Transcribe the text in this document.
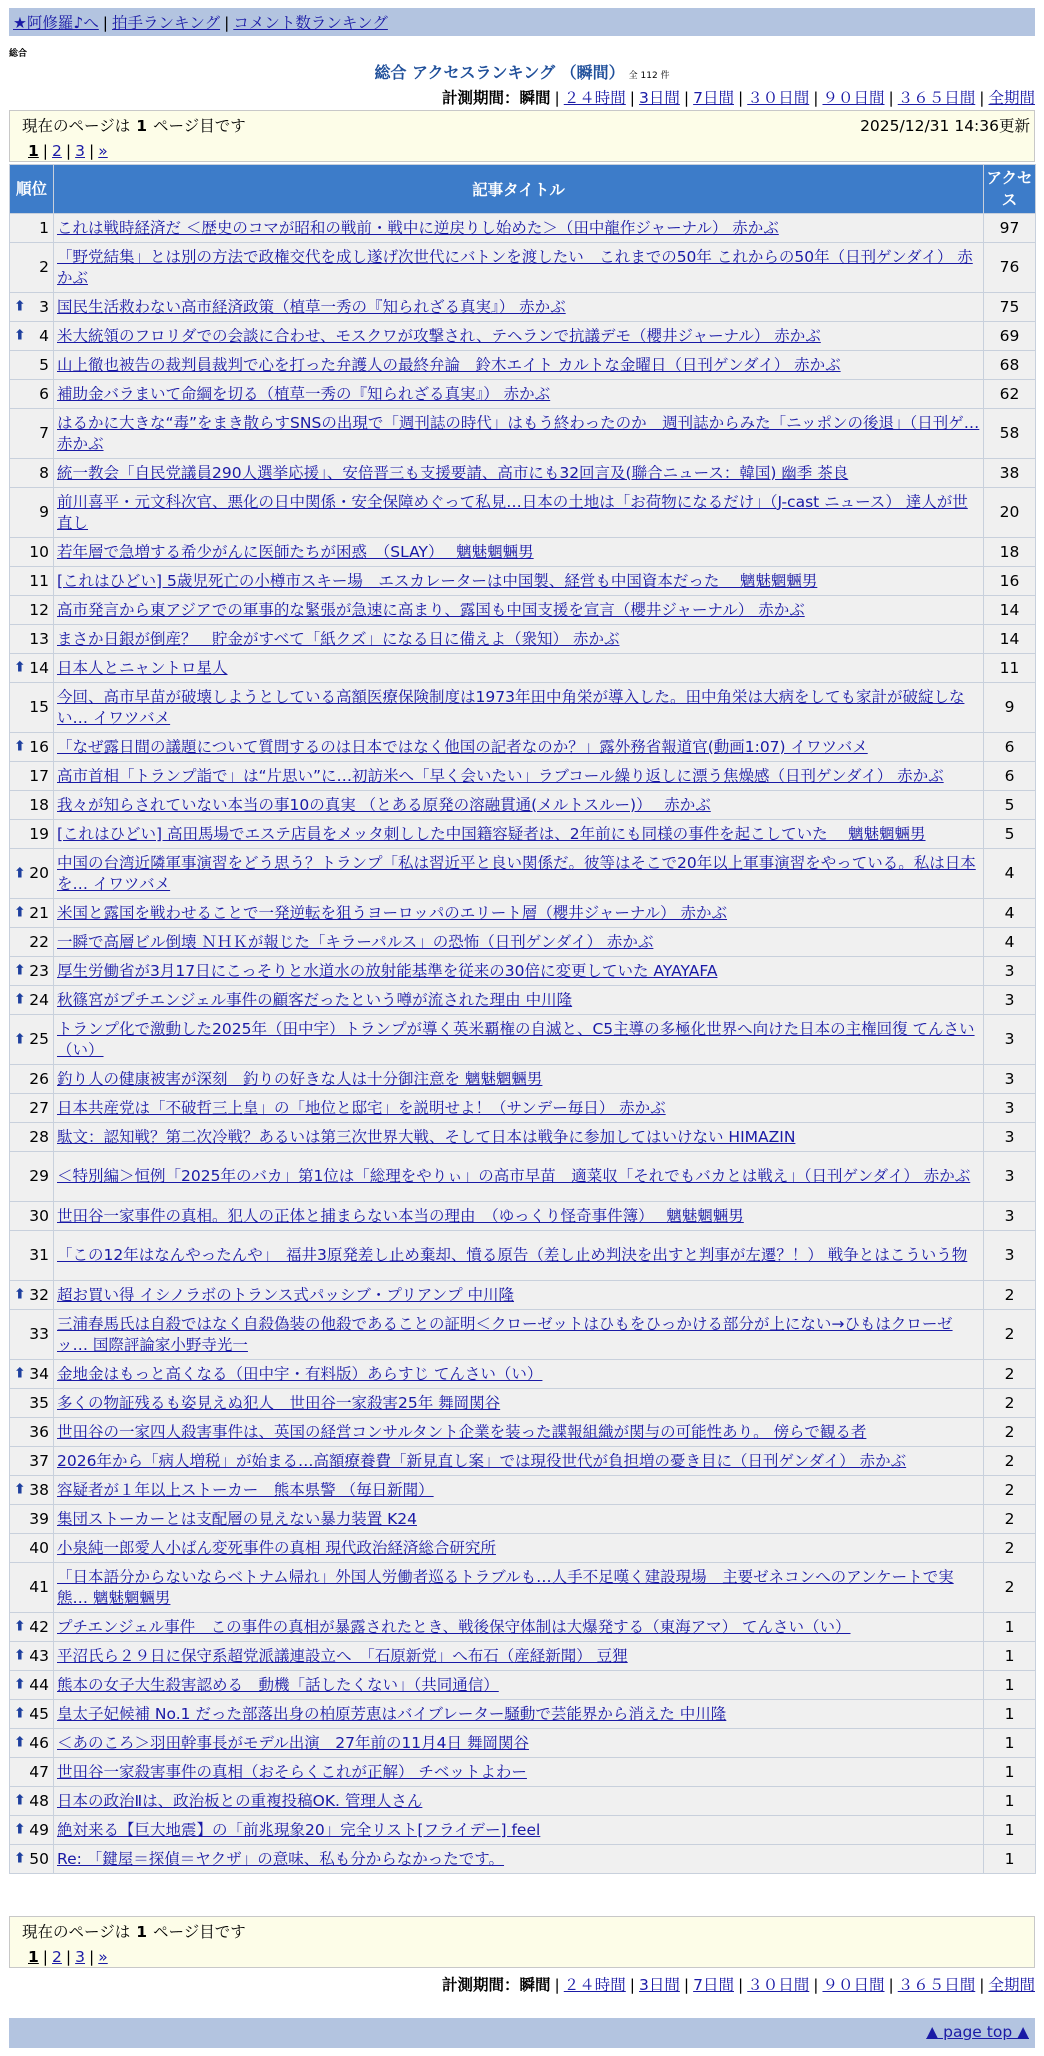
★阿修羅♪へ | 拍手ランキング | コメント数ランキング
総合
総合 アクセスランキング （瞬間） 全 112 件
計測期間：瞬間 | ２４時間 | 3日間 | 7日間 | ３０日間 | ９０日間 | ３６５日間 | 全期間
現在のページは 1 ページ目です	2025/12/31 14:36更新
1 | 2 | 3 | »
順位	記事タイトル	アクセス
1	これは戦時経済だ ＜歴史のコマが昭和の戦前・戦中に逆戻りし始めた＞（田中龍作ジャーナル） 赤かぶ	97
2	「野党結集」とは別の方法で政権交代を成し遂げ次世代にバトンを渡したい　これまでの50年 これからの50年（日刊ゲンダイ） 赤かぶ	76

⬆ 3	国民生活救わない高市経済政策（植草一秀の『知られざる真実』） 赤かぶ	75

⬆ 4	米大統領のフロリダでの会談に合わせ、モスクワが攻撃され、テヘランで抗議デモ（櫻井ジャーナル） 赤かぶ	69
5	山上徹也被告の裁判員裁判で心を打った弁護人の最終弁論　鈴木エイト カルトな金曜日（日刊ゲンダイ） 赤かぶ	68
6	補助金バラまいて命綱を切る（植草一秀の『知られざる真実』） 赤かぶ	62
7	はるかに大きな“毒”をまき散らすSNSの出現で「週刊誌の時代」はもう終わったのか　週刊誌からみた「ニッポンの後退」（日刊ゲ… 赤かぶ	58
8	統一教会「自民党議員290人選挙応援」、安倍晋三も支援要請、高市にも32回言及(聯合ニュース：韓国) 幽季 茶良	38
9	前川喜平・元文科次官、悪化の日中関係・安全保障めぐって私見…日本の土地は「お荷物になるだけ」（J-cast ニュース） 達人が世直し	20
10	若年層で急増する希少がんに医師たちが困惑　（SLAY）　 魑魅魍魎男	18
11	[これはひどい] 5歳児死亡の小樽市スキー場　エスカレーターは中国製、経営も中国資本だった　 魑魅魍魎男	16
12	高市発言から東アジアでの軍事的な緊張が急速に高まり、露国も中国支援を宣言（櫻井ジャーナル） 赤かぶ	14
13	まさか日銀が倒産？　貯金がすべて「紙クズ」になる日に備えよ（衆知） 赤かぶ	14

⬆ 14	日本人とニャントロ星人	11
15	今回、高市早苗が破壊しようとしている高額医療保険制度は1973年田中角栄が導入した。田中角栄は大病をしても家計が破綻しない… イワツバメ	9

⬆ 16	「なぜ露日間の議題について質問するのは日本ではなく他国の記者なのか？」露外務省報道官(動画1:07) イワツバメ	6
17	高市首相「トランプ詣で」は“片思い”に…初訪米へ「早く会いたい」ラブコール繰り返しに漂う焦燥感（日刊ゲンダイ） 赤かぶ	6
18	我々が知らされていない本当の事10の真実 （とある原発の溶融貫通(メルトスルー)）　 赤かぶ	5
19	[これはひどい] 高田馬場でエステ店員をメッタ刺しした中国籍容疑者は、2年前にも同様の事件を起こしていた　 魑魅魍魎男	5

⬆ 20	中国の台湾近隣軍事演習をどう思う？トランプ「私は習近平と良い関係だ。彼等はそこで20年以上軍事演習をやっている。私は日本を… イワツバメ	4

⬆ 21	米国と露国を戦わせることで一発逆転を狙うヨーロッパのエリート層（櫻井ジャーナル） 赤かぶ	4
22	一瞬で高層ビル倒壊 ＮＨＫが報じた「キラーパルス」の恐怖（日刊ゲンダイ） 赤かぶ	4

⬆ 23	厚生労働省が3月17日にこっそりと水道水の放射能基準を従来の30倍に変更していた AYAYAFA	3

⬆ 24	秋篠宮がプチエンジェル事件の顧客だったという噂が流された理由 中川隆	3

⬆ 25	トランプ化で激動した2025年（田中宇）トランプが導く英米覇権の自滅と、C5主導の多極化世界へ向けた日本の主権回復 てんさい（い）	3
26	釣り人の健康被害が深刻　釣りの好きな人は十分御注意を 魑魅魍魎男	3
27	日本共産党は「不破哲三上皇」の「地位と邸宅」を説明せよ！（サンデー毎日） 赤かぶ	3
28	駄文：認知戦？第二次冷戦？あるいは第三次世界大戦、そして日本は戦争に参加してはいけない HIMAZIN	3
29	＜特別編＞恒例「2025年のバカ」第1位は「総理をやりぃ」の高市早苗　適菜収「それでもバカとは戦え」（日刊ゲンダイ） 赤かぶ	3
30	世田谷一家事件の真相。犯人の正体と捕まらない本当の理由　（ゆっくり怪奇事件簿）　 魑魅魍魎男	3
31	「この12年はなんやったんや」　福井3原発差し止め棄却、憤る原告（差し止め判決を出すと判事が左遷？！） 戦争とはこういう物	3

⬆ 32	超お買い得 イシノラボのトランス式パッシブ・プリアンプ 中川隆	2
33	三浦春馬氏は自殺ではなく自殺偽装の他殺であることの証明＜クローゼットはひもをひっかける部分が上にない→ひもはクローゼッ… 国際評論家小野寺光一	2

⬆ 34	金地金はもっと高くなる（田中宇・有料版）あらすじ てんさい（い）	2
35	多くの物証残るも姿見えぬ犯人　世田谷一家殺害25年 舞岡関谷	2
36	世田谷の一家四人殺害事件は、英国の経営コンサルタント企業を装った諜報組織が関与の可能性あり。 傍らで観る者	2
37	2026年から「病人増税」が始まる…高額療養費「新見直し案」では現役世代が負担増の憂き目に（日刊ゲンダイ） 赤かぶ	2

⬆ 38	容疑者が１年以上ストーカー　熊本県警 （毎日新聞）	2
39	集団ストーカーとは支配層の見えない暴力装置 K24	2
40	小泉純一郎愛人小ばん変死事件の真相 現代政治経済総合研究所	2
41	「日本語分からないならベトナム帰れ」外国人労働者巡るトラブルも…人手不足嘆く建設現場　主要ゼネコンへのアンケートで実態… 魑魅魍魎男	2

⬆ 42	プチエンジェル事件　この事件の真相が暴露されたとき、戦後保守体制は大爆発する（東海アマ） てんさい（い）	1

⬆ 43	平沼氏ら２９日に保守系超党派議連設立へ　「石原新党」へ布石（産経新聞） 豆狸	1

⬆ 44	熊本の女子大生殺害認める　動機「話したくない」（共同通信）	1

⬆ 45	皇太子妃候補 No.1 だった部落出身の柏原芳恵はバイブレーター騒動で芸能界から消えた 中川隆	1

⬆ 46	＜あのころ＞羽田幹事長がモデル出演　27年前の11月4日 舞岡関谷	1
47	世田谷一家殺害事件の真相（おそらくこれが正解） チベットよわー	1

⬆ 48	日本の政治Ⅱは、政治板との重複投稿OK. 管理人さん	1

⬆ 49	絶対来る【巨大地震】の「前兆現象20」完全リスト[フライデー] feel	1

⬆ 50	Re: 「鍵屋＝探偵＝ヤクザ」の意味、私も分からなかったです。	1
現在のページは 1 ページ目です
1 | 2 | 3 | »
計測期間：瞬間 | ２４時間 | 3日間 | 7日間 | ３０日間 | ９０日間 | ３６５日間 | 全期間
▲ page top ▲
